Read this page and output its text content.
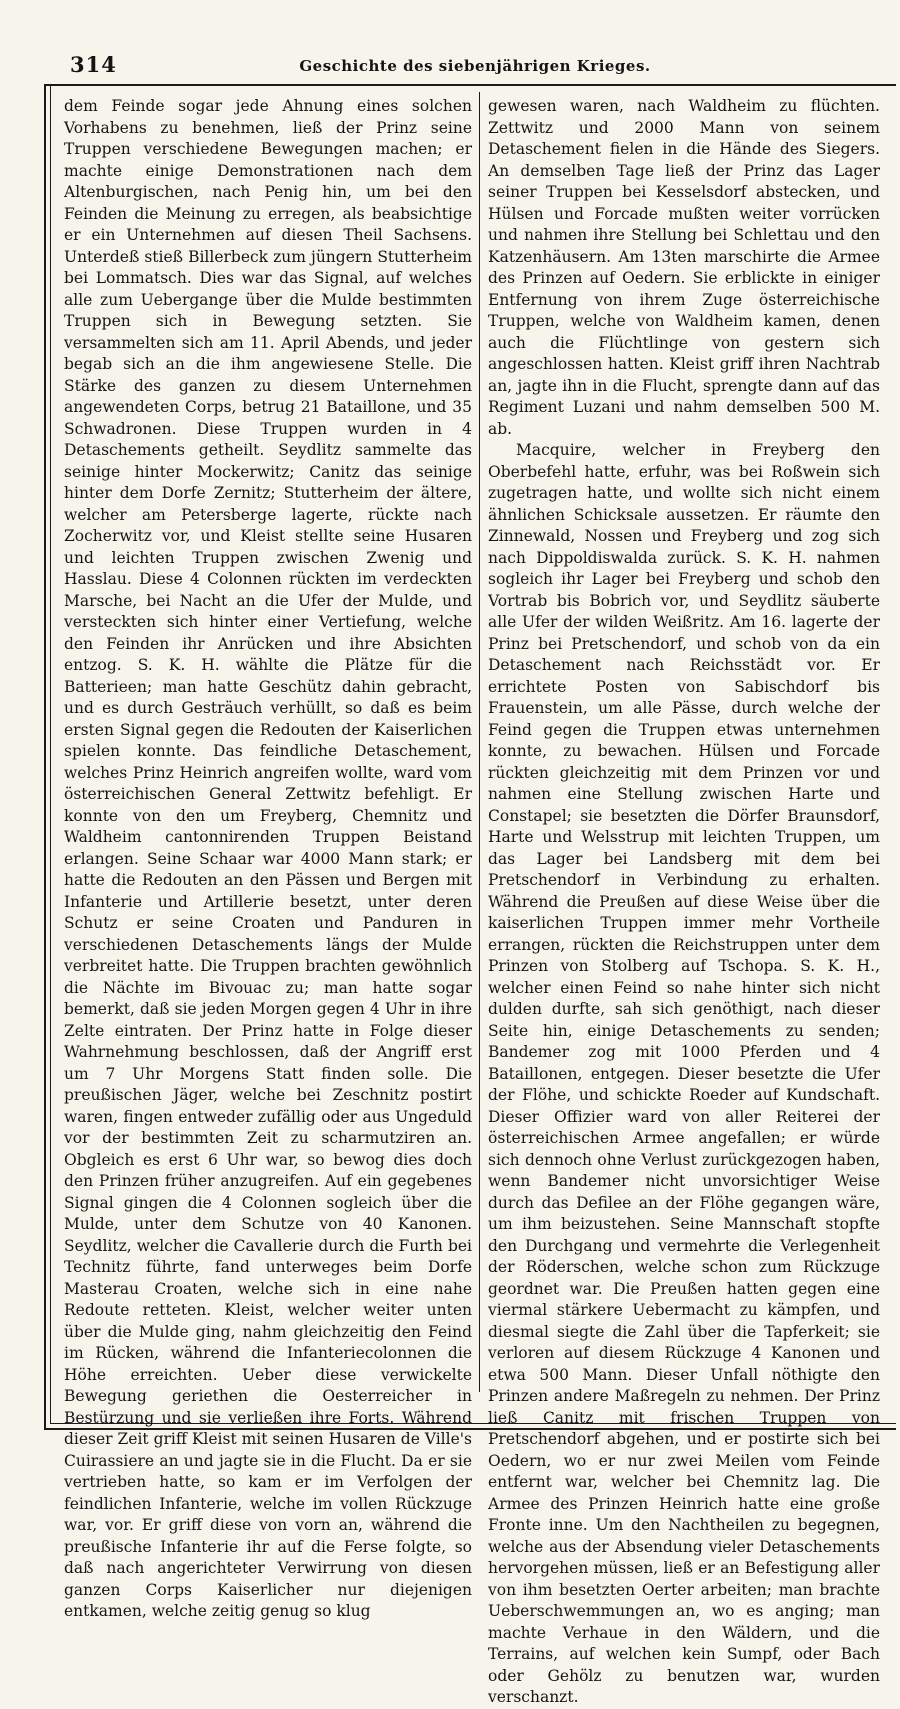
314	Geschichte des siebenjährigen Krieges.

dem Feinde sogar jede Ahnung eines solchen Vorhabens zu benehmen, ließ der Prinz seine Truppen verschiedene Bewegungen machen; er machte einige Demonstrationen nach dem Altenburgischen, nach Penig hin, um bei den Feinden die Meinung zu erregen, als beabsichtige er ein Unternehmen auf diesen Theil Sachsens. Unterdeß stieß Billerbeck zum jüngern Stutterheim bei Lommatsch. Dies war das Signal, auf welches alle zum Uebergange über die Mulde bestimmten Truppen sich in Bewegung setzten. Sie versammelten sich am 11. April Abends, und jeder begab sich an die ihm angewiesene Stelle. Die Stärke des ganzen zu diesem Unternehmen angewendeten Corps, betrug 21 Bataillone, und 35 Schwadronen. Diese Truppen wurden in 4 Detaschements getheilt. Seydlitz sammelte das seinige hinter Mockerwitz; Canitz das seinige hinter dem Dorfe Zernitz; Stutterheim der ältere, welcher am Petersberge lagerte, rückte nach Zocherwitz vor, und Kleist stellte seine Husaren und leichten Truppen zwischen Zwenig und Hasslau. Diese 4 Colonnen rückten im verdeckten Marsche, bei Nacht an die Ufer der Mulde, und versteckten sich hinter einer Vertiefung, welche den Feinden ihr Anrücken und ihre Absichten entzog. S. K. H. wählte die Plätze für die Batterieen; man hatte Geschütz dahin gebracht, und es durch Gesträuch verhüllt, so daß es beim ersten Signal gegen die Redouten der Kaiserlichen spielen konnte. Das feindliche Detaschement, welches Prinz Heinrich angreifen wollte, ward vom österreichischen General Zettwitz befehligt. Er konnte von den um Freyberg, Chemnitz und Waldheim cantonnirenden Truppen Beistand erlangen. Seine Schaar war 4000 Mann stark; er hatte die Redouten an den Pässen und Bergen mit Infanterie und Artillerie besetzt, unter deren Schutz er seine Croaten und Panduren in verschiedenen Detaschements längs der Mulde verbreitet hatte. Die Truppen brachten gewöhnlich die Nächte im Bivouac zu; man hatte sogar bemerkt, daß sie jeden Morgen gegen 4 Uhr in ihre Zelte eintraten. Der Prinz hatte in Folge dieser Wahrnehmung beschlossen, daß der Angriff erst um 7 Uhr Morgens Statt finden solle. Die preußischen Jäger, welche bei Zeschnitz postirt waren, fingen entweder zufällig oder aus Ungeduld vor der bestimmten Zeit zu scharmutziren an. Obgleich es erst 6 Uhr war, so bewog dies doch den Prinzen früher anzugreifen. Auf ein gegebenes Signal gingen die 4 Colonnen sogleich über die Mulde, unter dem Schutze von 40 Kanonen. Seydlitz, welcher die Cavallerie durch die Furth bei Technitz führte, fand unterweges beim Dorfe Masterau Croaten, welche sich in eine nahe Redoute retteten. Kleist, welcher weiter unten über die Mulde ging, nahm gleichzeitig den Feind im Rücken, während die Infanteriecolonnen die Höhe erreichten. Ueber diese verwickelte Bewegung geriethen die Oesterreicher in Bestürzung und sie verließen ihre Forts. Während dieser Zeit griff Kleist mit seinen Husaren de Ville's Cuirassiere an und jagte sie in die Flucht. Da er sie vertrieben hatte, so kam er im Verfolgen der feindlichen Infanterie, welche im vollen Rückzuge war, vor. Er griff diese von vorn an, während die preußische Infanterie ihr auf die Ferse folgte, so daß nach angerichteter Verwirrung von diesen ganzen Corps Kaiserlicher nur diejenigen entkamen, welche zeitig genug so klug

gewesen waren, nach Waldheim zu flüchten. Zettwitz und 2000 Mann von seinem Detaschement fielen in die Hände des Siegers. An demselben Tage ließ der Prinz das Lager seiner Truppen bei Kesselsdorf abstecken, und Hülsen und Forcade mußten weiter vorrücken und nahmen ihre Stellung bei Schlettau und den Katzenhäusern. Am 13ten marschirte die Armee des Prinzen auf Oedern. Sie erblickte in einiger Entfernung von ihrem Zuge österreichische Truppen, welche von Waldheim kamen, denen auch die Flüchtlinge von gestern sich angeschlossen hatten. Kleist griff ihren Nachtrab an, jagte ihn in die Flucht, sprengte dann auf das Regiment Luzani und nahm demselben 500 M. ab.

Macquire, welcher in Freyberg den Oberbefehl hatte, erfuhr, was bei Roßwein sich zugetragen hatte, und wollte sich nicht einem ähnlichen Schicksale aussetzen. Er räumte den Zinnewald, Nossen und Freyberg und zog sich nach Dippoldiswalda zurück. S. K. H. nahmen sogleich ihr Lager bei Freyberg und schob den Vortrab bis Bobrich vor, und Seydlitz säuberte alle Ufer der wilden Weißritz. Am 16. lagerte der Prinz bei Pretschendorf, und schob von da ein Detaschement nach Reichsstädt vor. Er errichtete Posten von Sabischdorf bis Frauenstein, um alle Pässe, durch welche der Feind gegen die Truppen etwas unternehmen konnte, zu bewachen. Hülsen und Forcade rückten gleichzeitig mit dem Prinzen vor und nahmen eine Stellung zwischen Harte und Constapel; sie besetzten die Dörfer Braunsdorf, Harte und Welsstrup mit leichten Truppen, um das Lager bei Landsberg mit dem bei Pretschendorf in Verbindung zu erhalten. Während die Preußen auf diese Weise über die kaiserlichen Truppen immer mehr Vortheile errangen, rückten die Reichstruppen unter dem Prinzen von Stolberg auf Tschopa. S. K. H., welcher einen Feind so nahe hinter sich nicht dulden durfte, sah sich genöthigt, nach dieser Seite hin, einige Detaschements zu senden; Bandemer zog mit 1000 Pferden und 4 Bataillonen, entgegen. Dieser besetzte die Ufer der Flöhe, und schickte Roeder auf Kundschaft. Dieser Offizier ward von aller Reiterei der österreichischen Armee angefallen; er würde sich dennoch ohne Verlust zurückgezogen haben, wenn Bandemer nicht unvorsichtiger Weise durch das Defilee an der Flöhe gegangen wäre, um ihm beizustehen. Seine Mannschaft stopfte den Durchgang und vermehrte die Verlegenheit der Röderschen, welche schon zum Rückzuge geordnet war. Die Preußen hatten gegen eine viermal stärkere Uebermacht zu kämpfen, und diesmal siegte die Zahl über die Tapferkeit; sie verloren auf diesem Rückzuge 4 Kanonen und etwa 500 Mann. Dieser Unfall nöthigte den Prinzen andere Maßregeln zu nehmen. Der Prinz ließ Canitz mit frischen Truppen von Pretschendorf abgehen, und er postirte sich bei Oedern, wo er nur zwei Meilen vom Feinde entfernt war, welcher bei Chemnitz lag. Die Armee des Prinzen Heinrich hatte eine große Fronte inne. Um den Nachtheilen zu begegnen, welche aus der Absendung vieler Detaschements hervorgehen müssen, ließ er an Befestigung aller von ihm besetzten Oerter arbeiten; man brachte Ueberschwemmungen an, wo es anging; man machte Verhaue in den Wäldern, und die Terrains, auf welchen kein Sumpf, oder Bach oder Gehölz zu benutzen war, wurden verschanzt.
